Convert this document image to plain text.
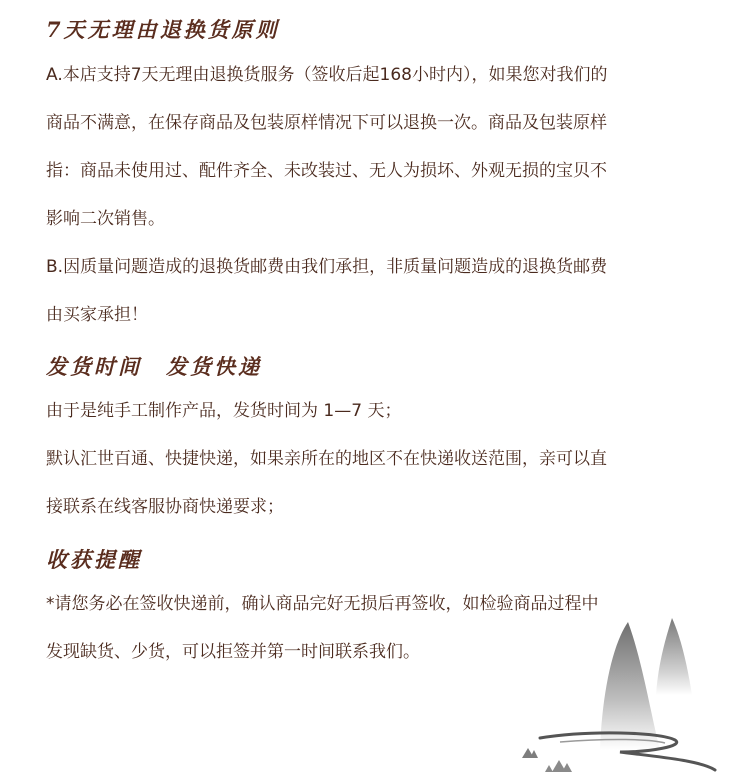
7天无理由退换货原则
A.本店支持7天无理由退换货服务（签收后起168小时内），如果您对我们的
商品不满意，在保存商品及包装原样情况下可以退换一次。商品及包装原样
指：商品未使用过、配件齐全、未改装过、无人为损坏、外观无损的宝贝不
影响二次销售。
B.因质量问题造成的退换货邮费由我们承担，非质量问题造成的退换货邮费
由买家承担！
发货时间　发货快递
由于是纯手工制作产品，发货时间为 1—7 天；
默认汇世百通、快捷快递，如果亲所在的地区不在快递收送范围，亲可以直
接联系在线客服协商快递要求；
收获提醒
*请您务必在签收快递前，确认商品完好无损后再签收，如检验商品过程中
发现缺货、少货，可以拒签并第一时间联系我们。
